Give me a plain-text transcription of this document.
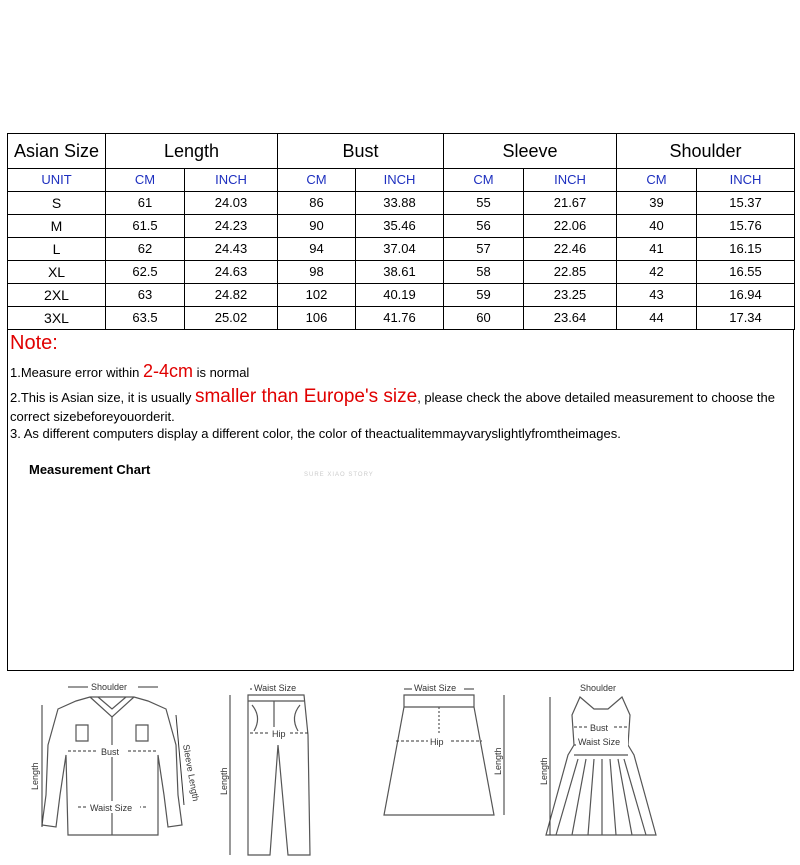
Asian Size	Length		Bust		Sleeve		Shoulder	
UNIT	CM	INCH	CM	INCH	CM	INCH	CM	INCH
S	61	24.03	86	33.88	55	21.67	39	15.37
M	61.5	24.23	90	35.46	56	22.06	40	15.76
L	62	24.43	94	37.04	57	22.46	41	16.15
XL	62.5	24.63	98	38.61	58	22.85	42	16.55
2XL	63	24.82	102	40.19	59	23.25	43	16.94
3XL	63.5	25.02	106	41.76	60	23.64	44	17.34
Note:
1.Measure error within 2-4cm is normal
2.This is Asian size, it is usually smaller than Europe's size, please check the above detailed measurement to choose the correct sizebeforeyouorderit.
3. As different computers display a different color, the color of theactualitemmayvaryslightlyfromtheimages.
Measurement Chart	SURE XIAO STORY
Shoulder
Bust
Waist Size
Length	Sleeve Length
Waist Size
Hip
Length
Waist Size
Hip
Length
Shoulder
Bust
Waist Size
Length
